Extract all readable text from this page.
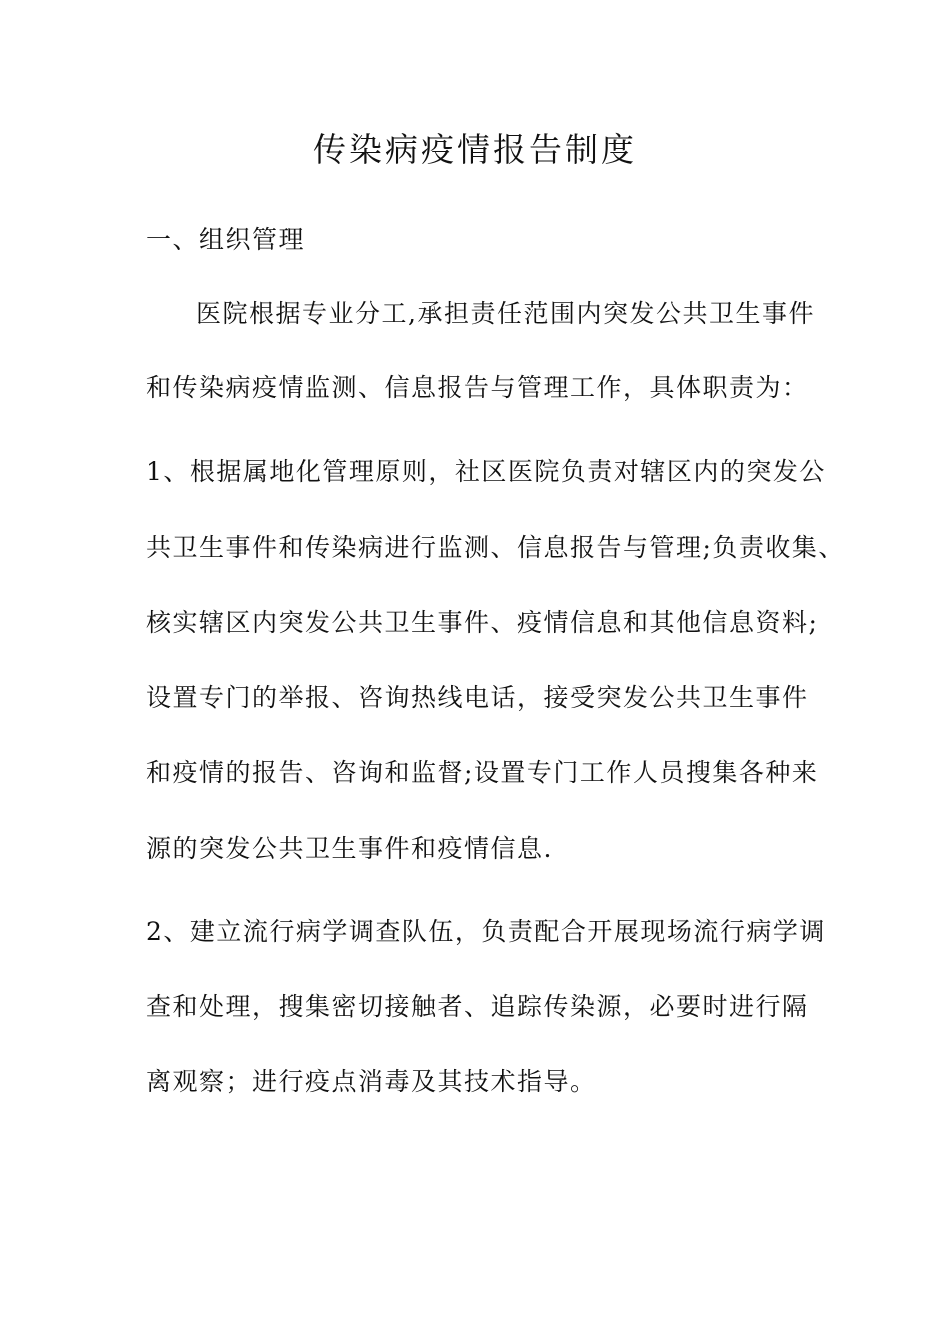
传染病疫情报告制度
一、组织管理
医院根据专业分工,承担责任范围内突发公共卫生事件
和传染病疫情监测、信息报告与管理工作，具体职责为：
1、根据属地化管理原则，社区医院负责对辖区内的突发公
共卫生事件和传染病进行监测、信息报告与管理;负责收集、
核实辖区内突发公共卫生事件、疫情信息和其他信息资料;
设置专门的举报、咨询热线电话，接受突发公共卫生事件
和疫情的报告、咨询和监督;设置专门工作人员搜集各种来
源的突发公共卫生事件和疫情信息.
2、建立流行病学调查队伍，负责配合开展现场流行病学调
查和处理，搜集密切接触者、追踪传染源，必要时进行隔
离观察；进行疫点消毒及其技术指导。
